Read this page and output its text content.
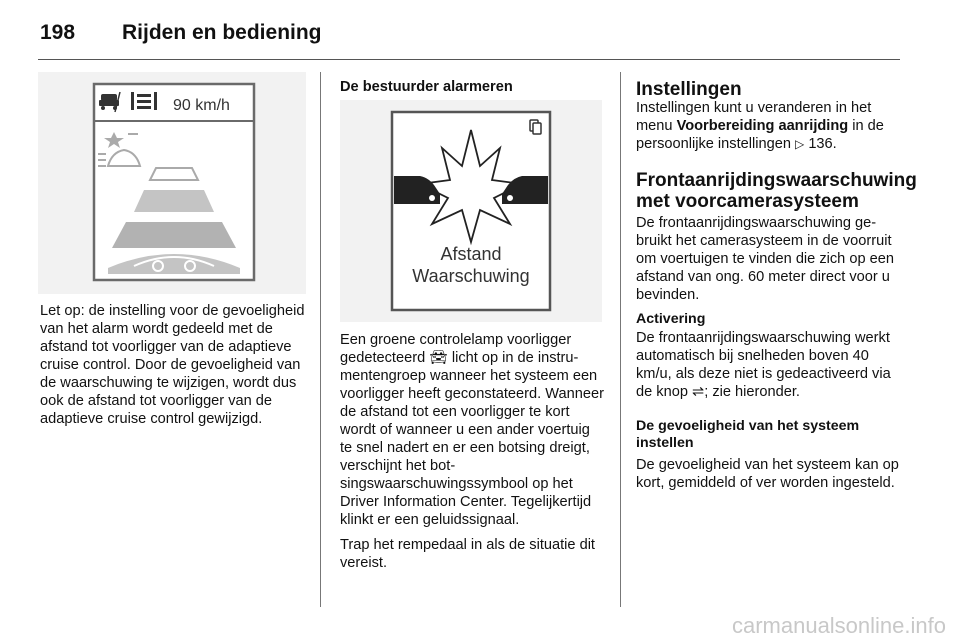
198 Rijden en bediening
90 km/h
Let op: de instelling voor de gevoeligheid van het alarm wordt gedeeld met de afstand tot voorligger van de adaptieve cruise control. Door de gevoeligheid van de waarschuwing te wijzigen, wordt dus ook de afstand tot voorligger van de adaptieve cruise control gewijzigd.
De bestuurder alarmeren
Afstand
Waarschuwing
Een groene controlelamp voorligger gedetecteerd 🚘︎ licht op in de instrumentengroep wanneer het systeem een voorligger heeft geconstateerd. Wanneer de afstand tot een voorligger te kort wordt of wanneer u een ander voertuig te snel nadert en er een botsing dreigt, verschijnt het botsingswaarschuwingssymbool op het Driver Information Center. Tegelijkertijd klinkt er een geluidssignaal.
Trap het rempedaal in als de situatie dit vereist.
Instellingen
Instellingen kunt u veranderen in het menu Voorbereiding aanrijding in de persoonlijke instellingen ▷ 136.
Frontaanrijdingswaarschuwing
met voorcamerasysteem
De frontaanrijdingswaarschuwing gebruikt het camerasysteem in de voorruit om voertuigen te vinden die zich op een afstand van ong. 60 meter direct voor u bevinden.
Activering
De frontaanrijdingswaarschuwing werkt automatisch bij snelheden boven 40 km/u, als deze niet is gedeactiveerd via de knop ⇌; zie hieronder.
De gevoeligheid van het systeem
instellen
De gevoeligheid van het systeem kan op kort, gemiddeld of ver worden ingesteld.
carmanualsonline.info
